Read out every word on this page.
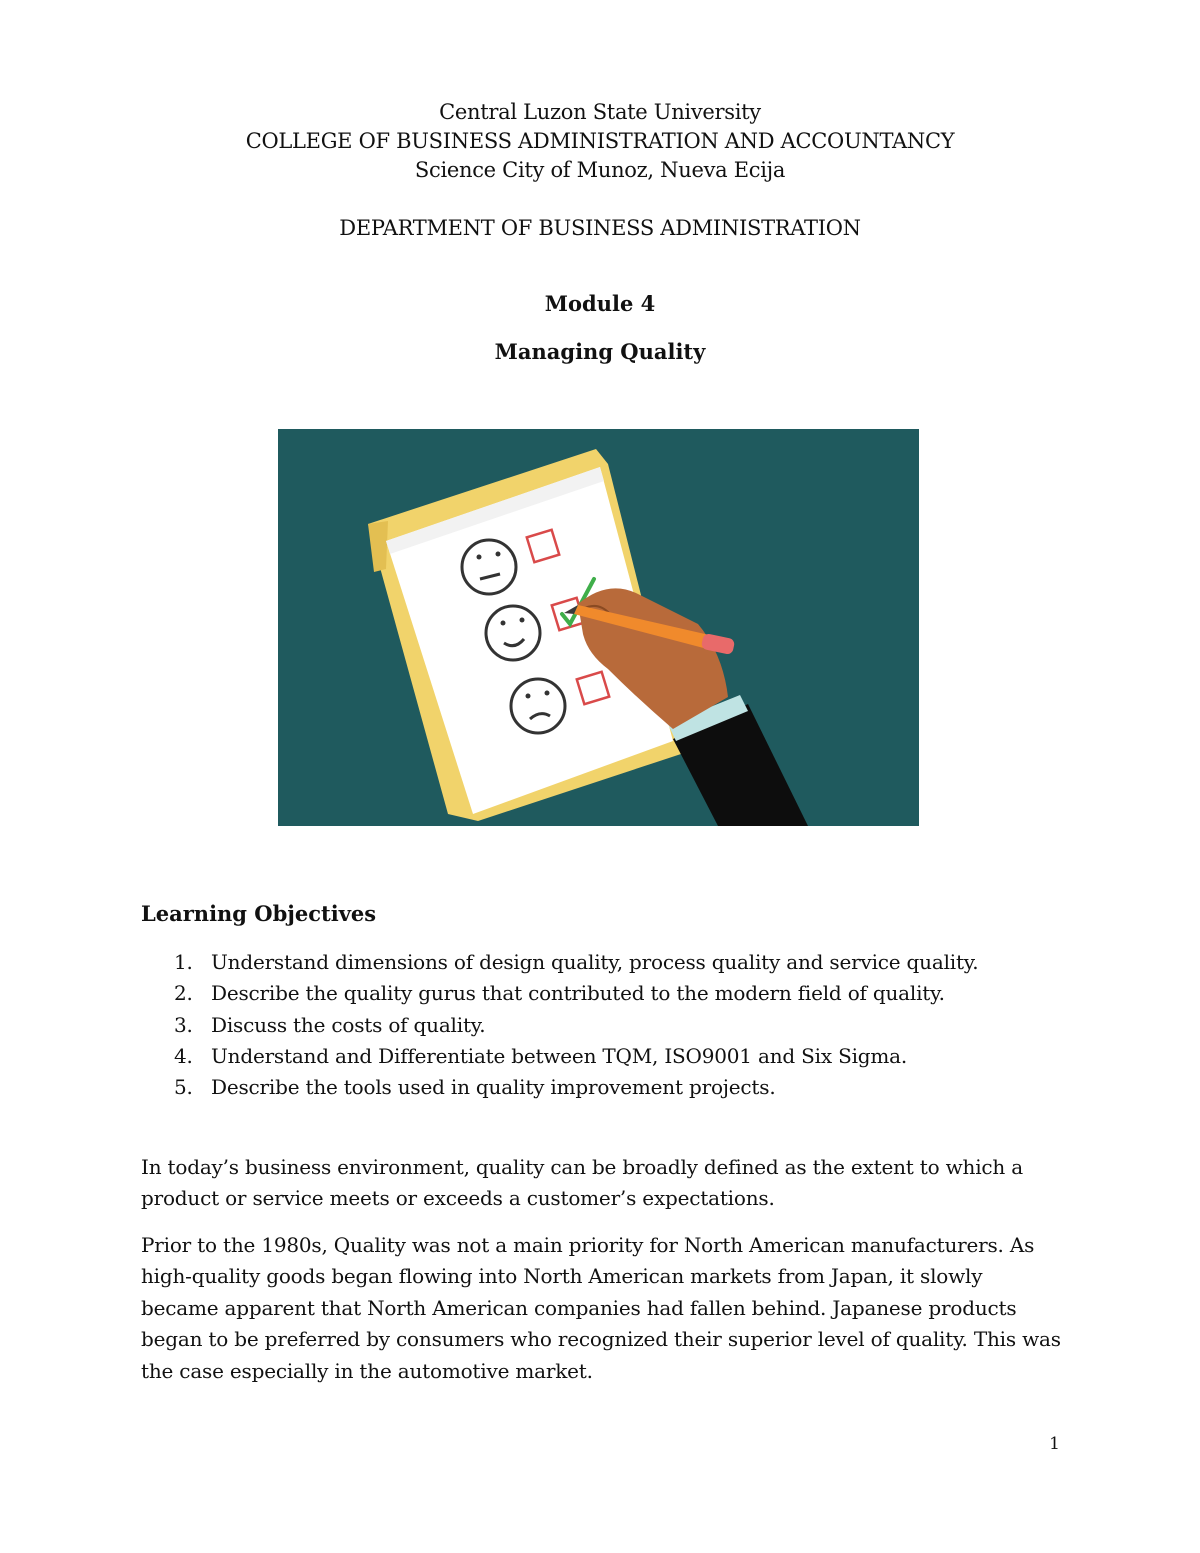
Central Luzon State University
COLLEGE OF BUSINESS ADMINISTRATION AND ACCOUNTANCY
Science City of Munoz, Nueva Ecija
DEPARTMENT OF BUSINESS ADMINISTRATION
Module 4
Managing Quality
Learning Objectives
1. Understand dimensions of design quality, process quality and service quality.
2. Describe the quality gurus that contributed to the modern field of quality.
3. Discuss the costs of quality.
4. Understand and Differentiate between TQM, ISO9001 and Six Sigma.
5. Describe the tools used in quality improvement projects.

In today’s business environment, quality can be broadly defined as the extent to which a product or service meets or exceeds a customer’s expectations.

Prior to the 1980s, Quality was not a main priority for North American manufacturers. As high-quality goods began flowing into North American markets from Japan, it slowly became apparent that North American companies had fallen behind. Japanese products began to be preferred by consumers who recognized their superior level of quality. This was the case especially in the automotive market.

1
